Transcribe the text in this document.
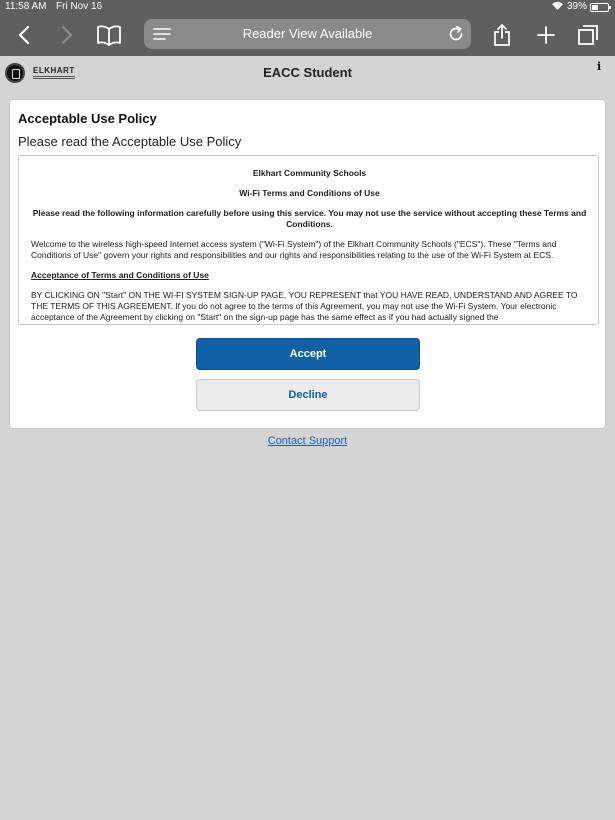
11:58 AM Fri Nov 16	39%
Reader View Available
ELKHART	EACC Student	i
Acceptable Use Policy
Please read the Acceptable Use Policy
Elkhart Community Schools
Wi-Fi Terms and Conditions of Use
Please read the following information carefully before using this service. You may not use the service without accepting these Terms and Conditions.
Welcome to the wireless high-speed Internet access system ("Wi-Fi System") of the Elkhart Community Schools ("ECS"). These "Terms and Conditions of Use" govern your rights and responsibilities and our rights and responsibilities relating to the use of the Wi-Fi System at ECS.
Acceptance of Terms and Conditions of Use
BY CLICKING ON "Start" ON THE WI-FI SYSTEM SIGN-UP PAGE, YOU REPRESENT that YOU HAVE READ, UNDERSTAND AND AGREE TO THE TERMS OF THIS AGREEMENT. If you do not agree to the terms of this Agreement, you may not use the Wi-Fi System. Your electronic acceptance of the Agreement by clicking on "Start" on the sign-up page has the same effect as if you had actually signed the
Accept
Decline
Contact Support
